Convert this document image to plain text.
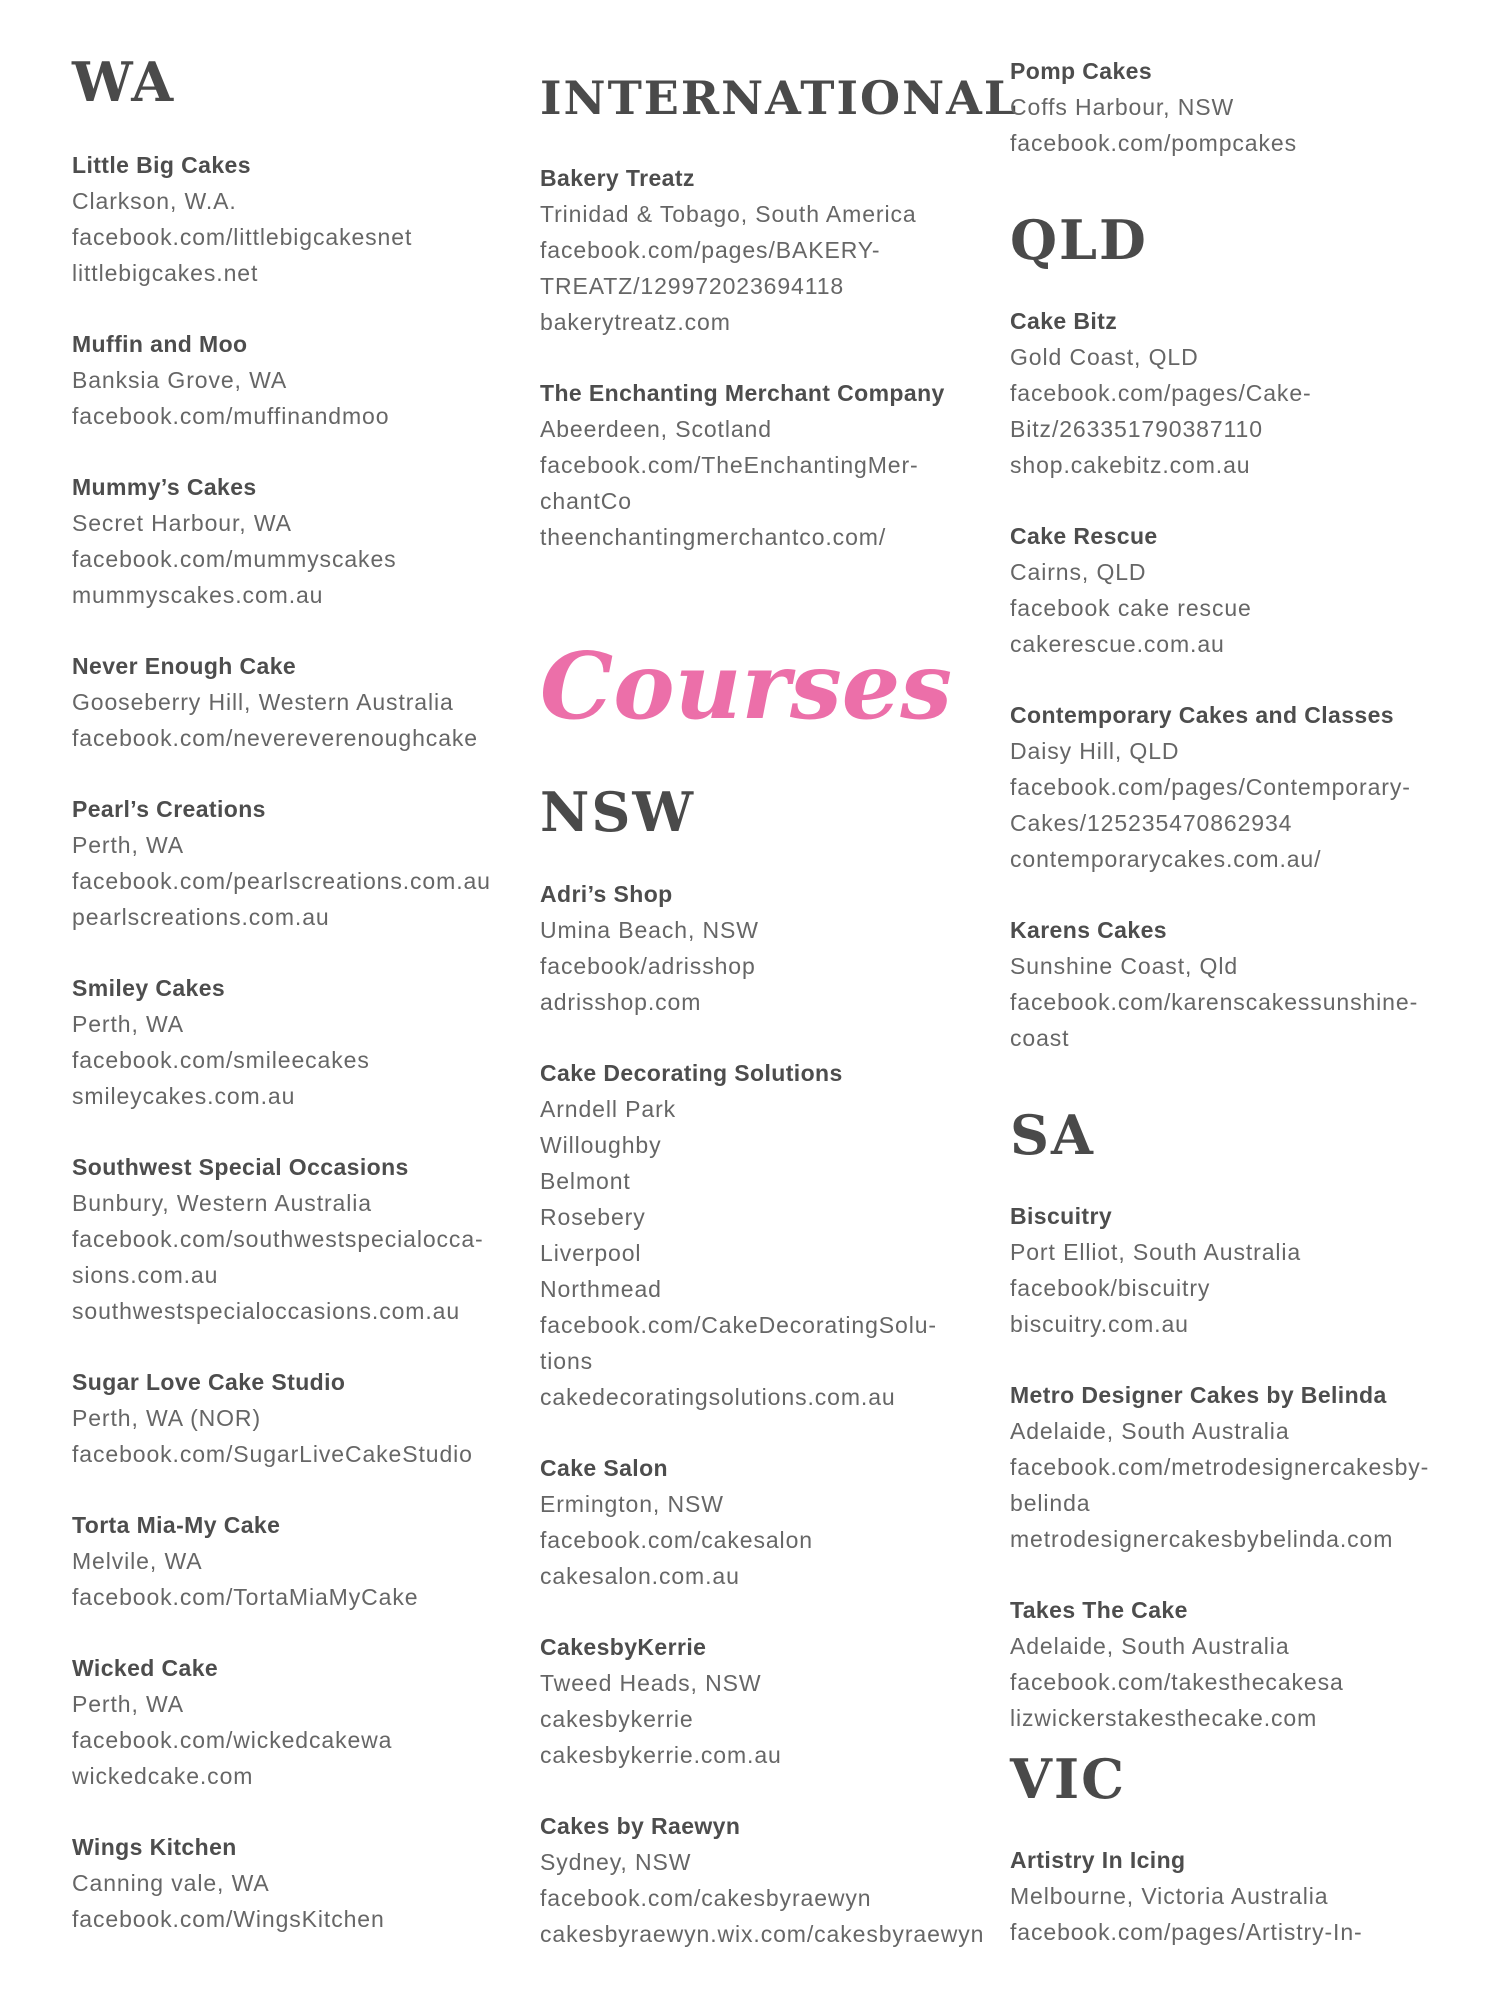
WA
Little Big Cakes
Clarkson, W.A.
facebook.com/littlebigcakesnet
littlebigcakes.net
Muffin and Moo
Banksia Grove, WA
facebook.com/muffinandmoo
Mummy’s Cakes
Secret Harbour, WA
facebook.com/mummyscakes
mummyscakes.com.au
Never Enough Cake
Gooseberry Hill, Western Australia
facebook.com/nevereverenoughcake
Pearl’s Creations
Perth, WA
facebook.com/pearlscreations.com.au
pearlscreations.com.au
Smiley Cakes
Perth, WA
facebook.com/smileecakes
smileycakes.com.au
Southwest Special Occasions
Bunbury, Western Australia
facebook.com/southwestspecialocca-
sions.com.au
southwestspecialoccasions.com.au
Sugar Love Cake Studio
Perth, WA (NOR)
facebook.com/SugarLiveCakeStudio
Torta Mia-My Cake
Melvile, WA
facebook.com/TortaMiaMyCake
Wicked Cake
Perth, WA
facebook.com/wickedcakewa
wickedcake.com
Wings Kitchen
Canning vale, WA
facebook.com/WingsKitchen
INTERNATIONAL
Bakery Treatz
Trinidad & Tobago, South America
facebook.com/pages/BAKERY-
TREATZ/129972023694118
bakerytreatz.com
The Enchanting Merchant Company
Abeerdeen, Scotland
facebook.com/TheEnchantingMer-
chantCo
theenchantingmerchantco.com/
Courses
NSW
Adri’s Shop
Umina Beach, NSW
facebook/adrisshop
adrisshop.com
Cake Decorating Solutions
Arndell Park
Willoughby
Belmont
Rosebery
Liverpool
Northmead
facebook.com/CakeDecoratingSolu-
tions
cakedecoratingsolutions.com.au
Cake Salon
Ermington, NSW
facebook.com/cakesalon
cakesalon.com.au
CakesbyKerrie
Tweed Heads, NSW
cakesbykerrie
cakesbykerrie.com.au
Cakes by Raewyn
Sydney, NSW
facebook.com/cakesbyraewyn
cakesbyraewyn.wix.com/cakesbyraewyn
Pomp Cakes
Coffs Harbour, NSW
facebook.com/pompcakes
QLD
Cake Bitz
Gold Coast, QLD
facebook.com/pages/Cake-
Bitz/263351790387110
shop.cakebitz.com.au
Cake Rescue
Cairns, QLD
facebook cake rescue
cakerescue.com.au
Contemporary Cakes and Classes
Daisy Hill, QLD
facebook.com/pages/Contemporary-
Cakes/125235470862934
contemporarycakes.com.au/
Karens Cakes
Sunshine Coast, Qld
facebook.com/karenscakessunshine-
coast
SA
Biscuitry
Port Elliot, South Australia
facebook/biscuitry
biscuitry.com.au
Metro Designer Cakes by Belinda
Adelaide, South Australia
facebook.com/metrodesignercakesby-
belinda
metrodesignercakesbybelinda.com
Takes The Cake
Adelaide, South Australia
facebook.com/takesthecakesa
lizwickerstakesthecake.com
VIC
Artistry In Icing
Melbourne, Victoria Australia
facebook.com/pages/Artistry-In-
